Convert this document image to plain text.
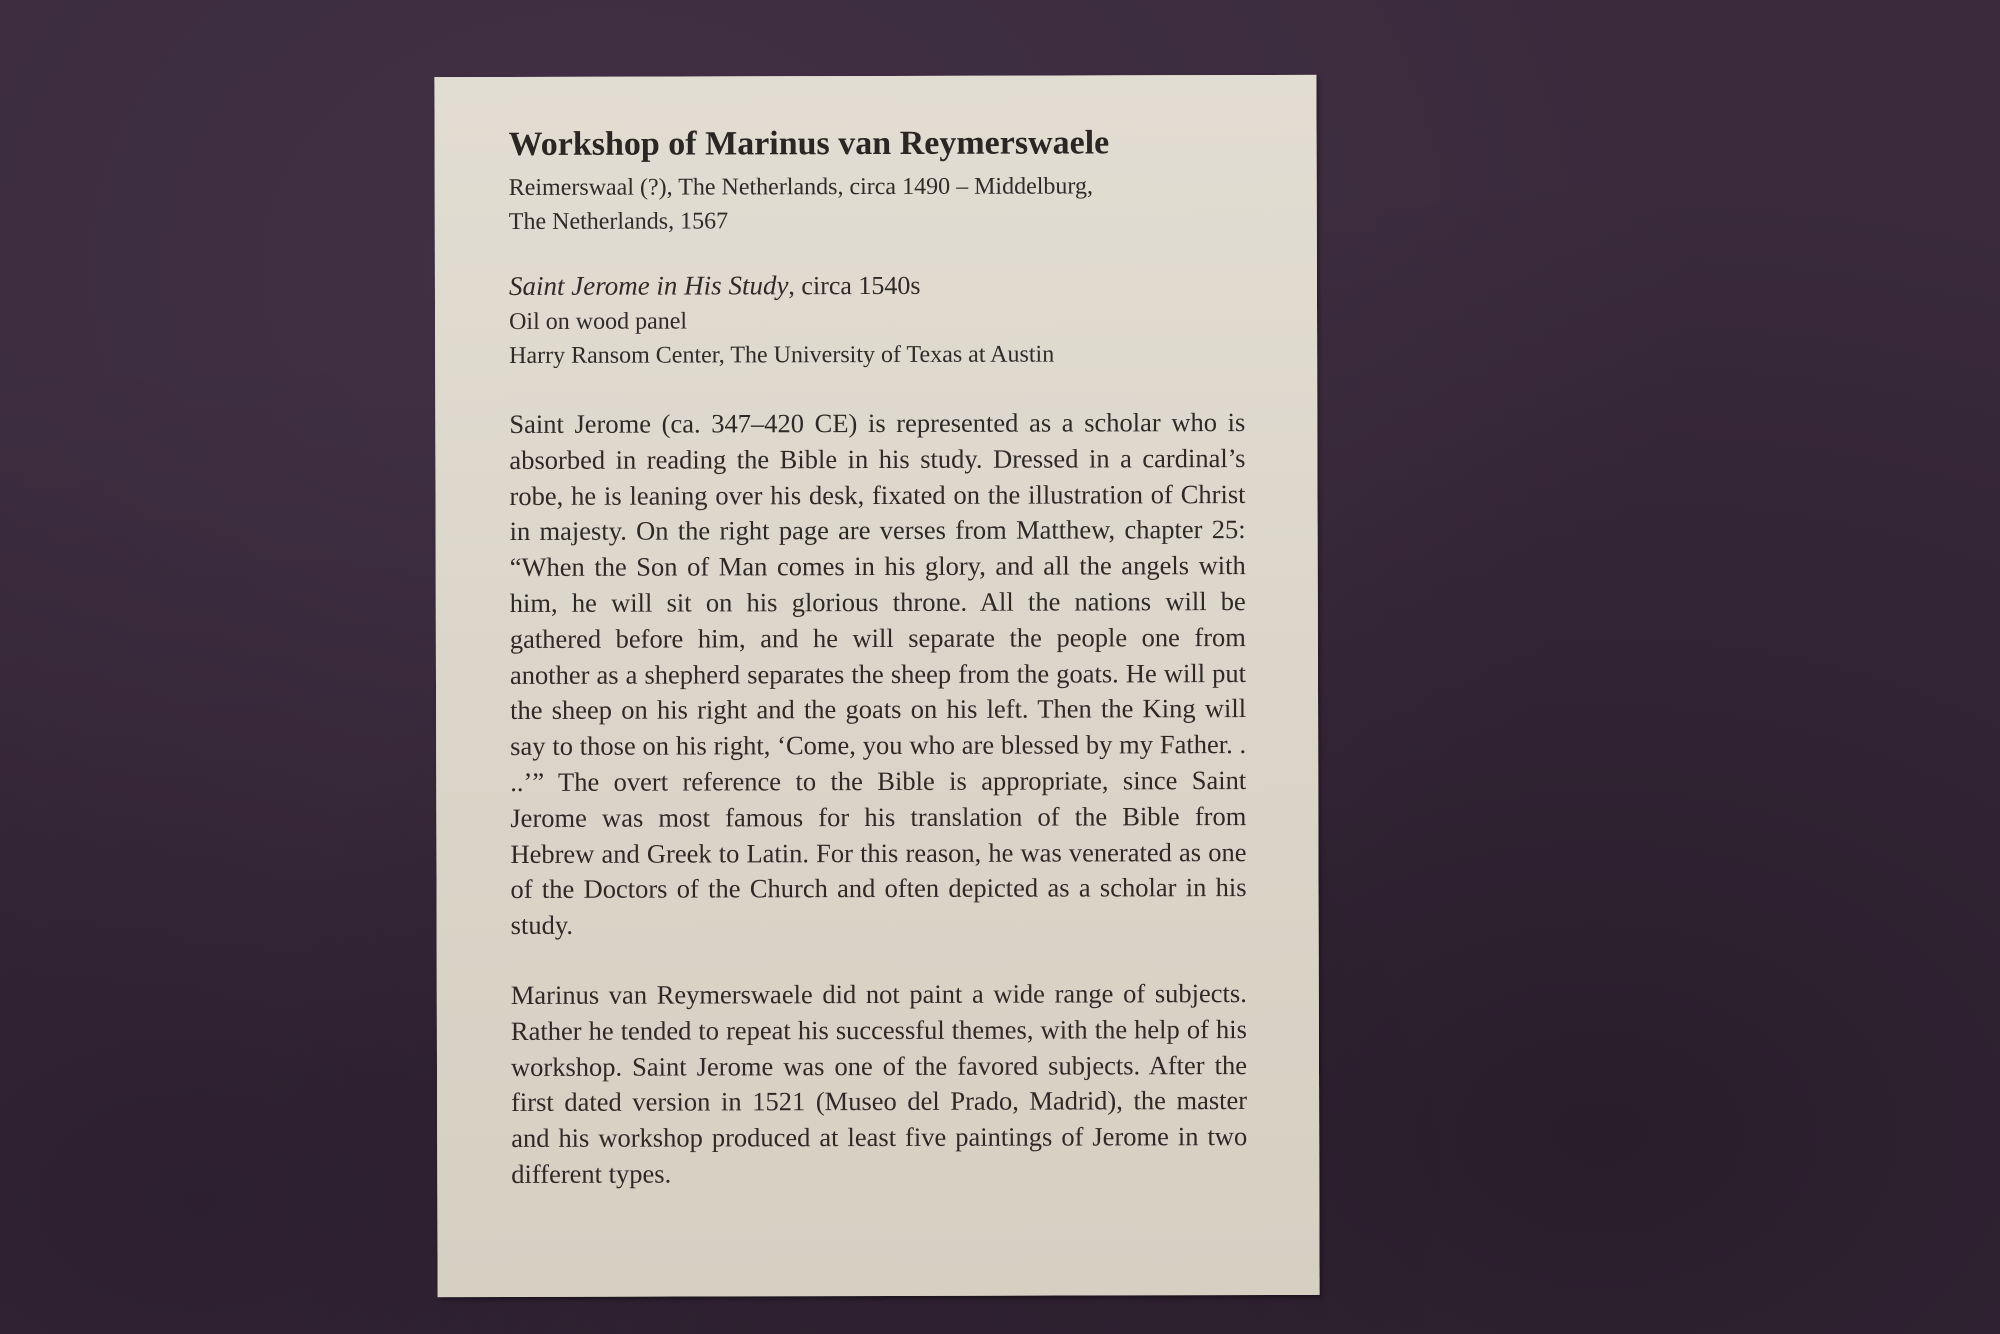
Workshop of Marinus van Reymerswaele
Reimerswaal (?), The Netherlands, circa 1490 – Middelburg,
The Netherlands, 1567
Saint Jerome in His Study, circa 1540s
Oil on wood panel
Harry Ransom Center, The University of Texas at Austin

Saint Jerome (ca. 347–420 CE) is represented as a scholar who is absorbed in reading the Bible in his study. Dressed in a cardinal’s robe, he is leaning over his desk, fixated on the illustration of Christ in majesty. On the right page are verses from Matthew, chapter 25: “When the Son of Man comes in his glory, and all the angels with him, he will sit on his glorious throne. All the nations will be gathered before him, and he will separate the people one from another as a shepherd separates the sheep from the goats. He will put the sheep on his right and the goats on his left. Then the King will say to those on his right, ‘Come, you who are blessed by my Father. . ..’” The overt reference to the Bible is appropriate, since Saint Jerome was most famous for his translation of the Bible from Hebrew and Greek to Latin. For this reason, he was venerated as one of the Doctors of the Church and often depicted as a scholar in his study.

Marinus van Reymerswaele did not paint a wide range of subjects. Rather he tended to repeat his successful themes, with the help of his workshop. Saint Jerome was one of the favored subjects. After the first dated version in 1521 (Museo del Prado, Madrid), the master and his workshop produced at least five paintings of Jerome in two different types.
